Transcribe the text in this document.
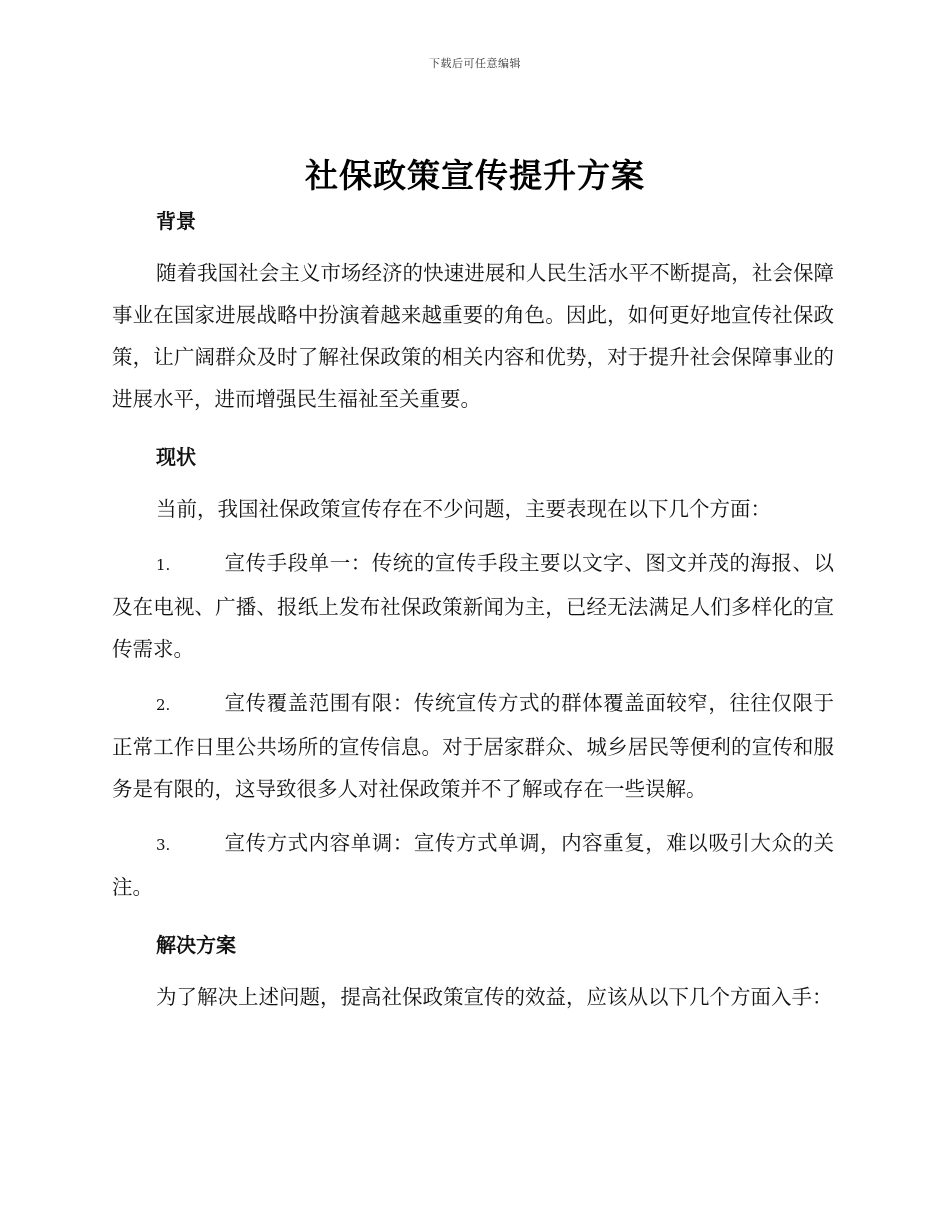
下载后可任意编辑
社保政策宣传提升方案
背景

随着我国社会主义市场经济的快速进展和人民生活水平不断提高，社会保障事业在国家进展战略中扮演着越来越重要的角色。因此，如何更好地宣传社保政策，让广阔群众及时了解社保政策的相关内容和优势，对于提升社会保障事业的进展水平，进而增强民生福祉至关重要。

现状

当前，我国社保政策宣传存在不少问题，主要表现在以下几个方面：

1.	宣传手段单一：传统的宣传手段主要以文字、图文并茂的海报、以及在电视、广播、报纸上发布社保政策新闻为主，已经无法满足人们多样化的宣传需求。

2.	宣传覆盖范围有限：传统宣传方式的群体覆盖面较窄，往往仅限于正常工作日里公共场所的宣传信息。对于居家群众、城乡居民等便利的宣传和服务是有限的，这导致很多人对社保政策并不了解或存在一些误解。

3.	宣传方式内容单调：宣传方式单调，内容重复，难以吸引大众的关注。

解决方案

为了解决上述问题，提高社保政策宣传的效益，应该从以下几个方面入手：
